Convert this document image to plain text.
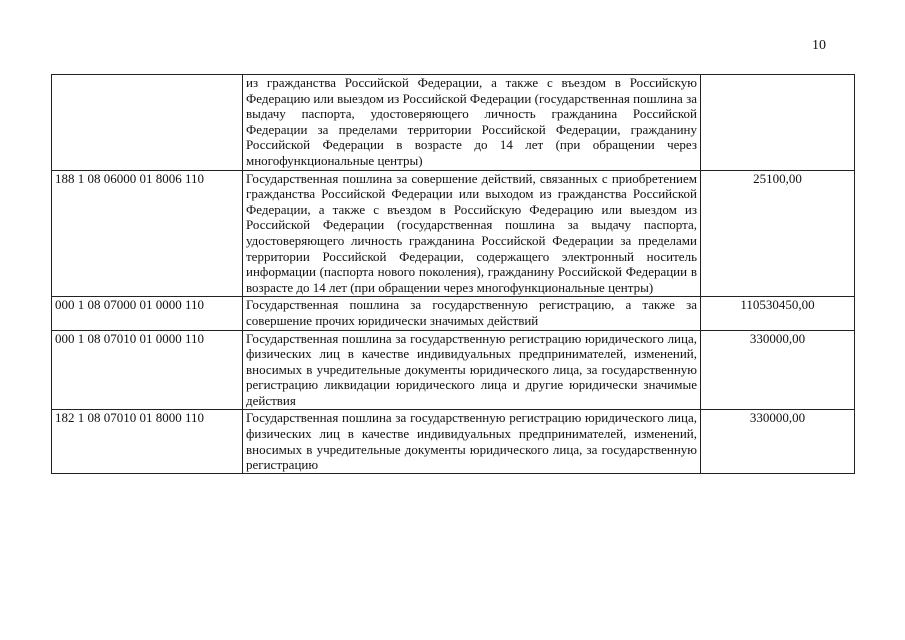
10
	из гражданства Российской Федерации, а также с въездом в Российскую Федерацию или выездом из Российской Федерации (государственная пошлина за выдачу паспорта, удостоверяющего личность гражданина Российской Федерации за пределами территории Российской Федерации, гражданину Российской Федерации в возрасте до 14 лет (при обращении через многофункциональные центры)	
188 1 08 06000 01 8006 110	Государственная пошлина за совершение действий, связанных с приобретением гражданства Российской Федерации или выходом из гражданства Российской Федерации, а также с въездом в Российскую Федерацию или выездом из Российской Федерации (государственная пошлина за выдачу паспорта, удостоверяющего личность гражданина Российской Федерации за пределами территории Российской Федерации, содержащего электронный носитель информации (паспорта нового поколения), гражданину Российской Федерации в возрасте до 14 лет (при обращении через многофункциональные центры)	25100,00
000 1 08 07000 01 0000 110	Государственная пошлина за государственную регистрацию, а также за совершение прочих юридически значимых действий	110530450,00
000 1 08 07010 01 0000 110	Государственная пошлина за государственную регистрацию юридического лица, физических лиц в качестве индивидуальных предпринимателей, изменений, вносимых в учредительные документы юридического лица, за государственную регистрацию ликвидации юридического лица и другие юридически значимые действия	330000,00
182 1 08 07010 01 8000 110	Государственная пошлина за государственную регистрацию юридического лица, физических лиц в качестве индивидуальных предпринимателей, изменений, вносимых в учредительные документы юридического лица, за государственную регистрацию	330000,00
